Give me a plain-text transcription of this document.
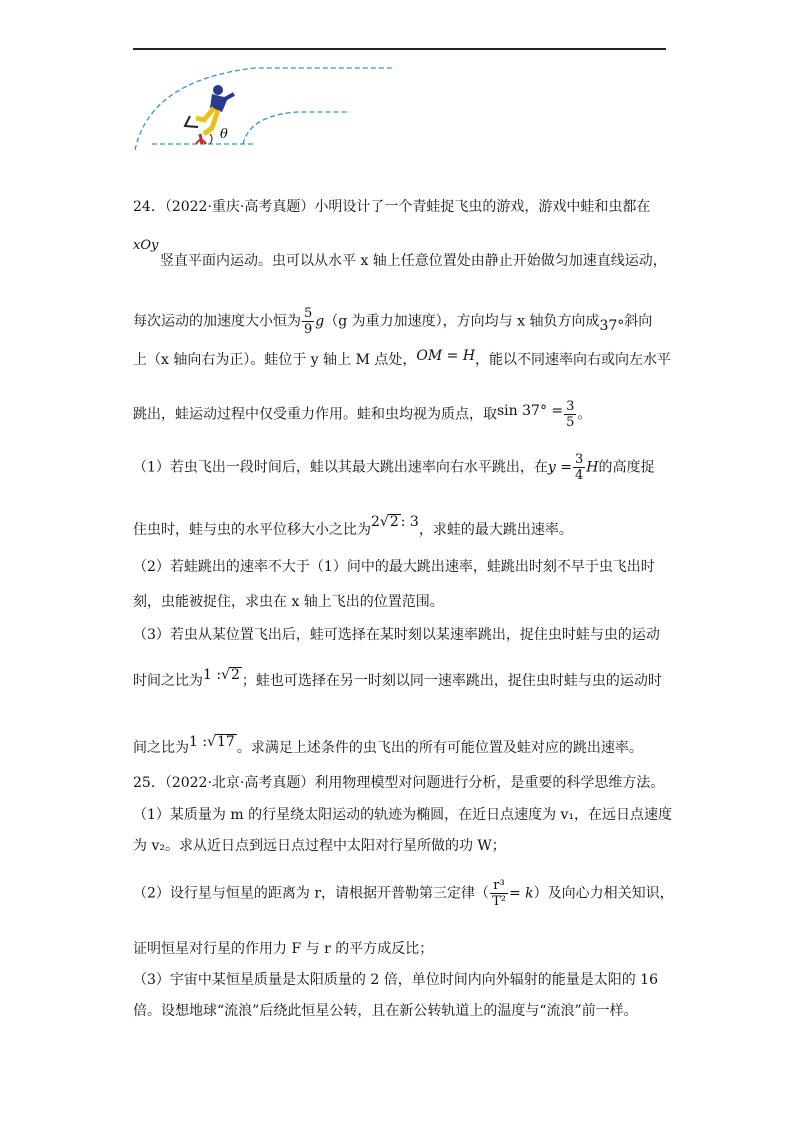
θ
24．（2022·重庆·高考真题）小明设计了一个青蛙捉飞虫的游戏，游戏中蛙和虫都在
xOy
竖直平面内运动。虫可以从水平 x 轴上任意位置处由静止开始做匀加速直线运动，
每次运动的加速度大小恒为 $\frac{5}{9} g(g$ 为重力加速度），方向均与 x 轴负方向成37°斜向
上（x 轴向右为正）。蛙位于 y 轴上 M 点处，OM = H，能以不同速率向右或向左水平
跳出，蛙运动过程中仅受重力作用。蛙和虫均视为质点，取$\sin 37^\circ = \frac{3}{5}$ 。
（1）若虫飞出一段时间后，蛙以其最大跳出速率向右水平跳出，在$y = \frac{3}{4}$ H的高度捉
住虫时，蛙与虫的水平位移大小之比为2√2 : 3，求蛙的最大跳出速率。
（2）若蛙跳出的速率不大于（1）问中的最大跳出速率，蛙跳出时刻不早于虫飞出时
刻，虫能被捉住，求虫在 x 轴上飞出的位置范围。
（3）若虫从某位置飞出后，蛙可选择在某时刻以某速率跳出，捉住虫时蛙与虫的运动
时间之比为1 :√2 ；蛙也可选择在另一时刻以同一速率跳出，捉住虫时蛙与虫的运动时
间之比为1 :√17 。求满足上述条件的虫飞出的所有可能位置及蛙对应的跳出速率。
25．（2022·北京·高考真题）利用物理模型对问题进行分析，是重要的科学思维方法。
（1）某质量为 m 的行星绕太阳运动的轨迹为椭圆，在近日点速度为 v₁，在远日点速度
为 v₂。求从近日点到远日点过程中太阳对行星所做的功 W；
（2）设行星与恒星的距离为 r，请根据开普勒第三定律（ $\frac{\text{r³}}{\text{T²}} = k$）及向心力相关知识，
证明恒星对行星的作用力 F 与 r 的平方成反比；
（3）宇宙中某恒星质量是太阳质量的 2 倍，单位时间内向外辐射的能量是太阳的 16
倍。设想地球“流浪”后绕此恒星公转，且在新公转轨道上的温度与“流浪”前一样。
